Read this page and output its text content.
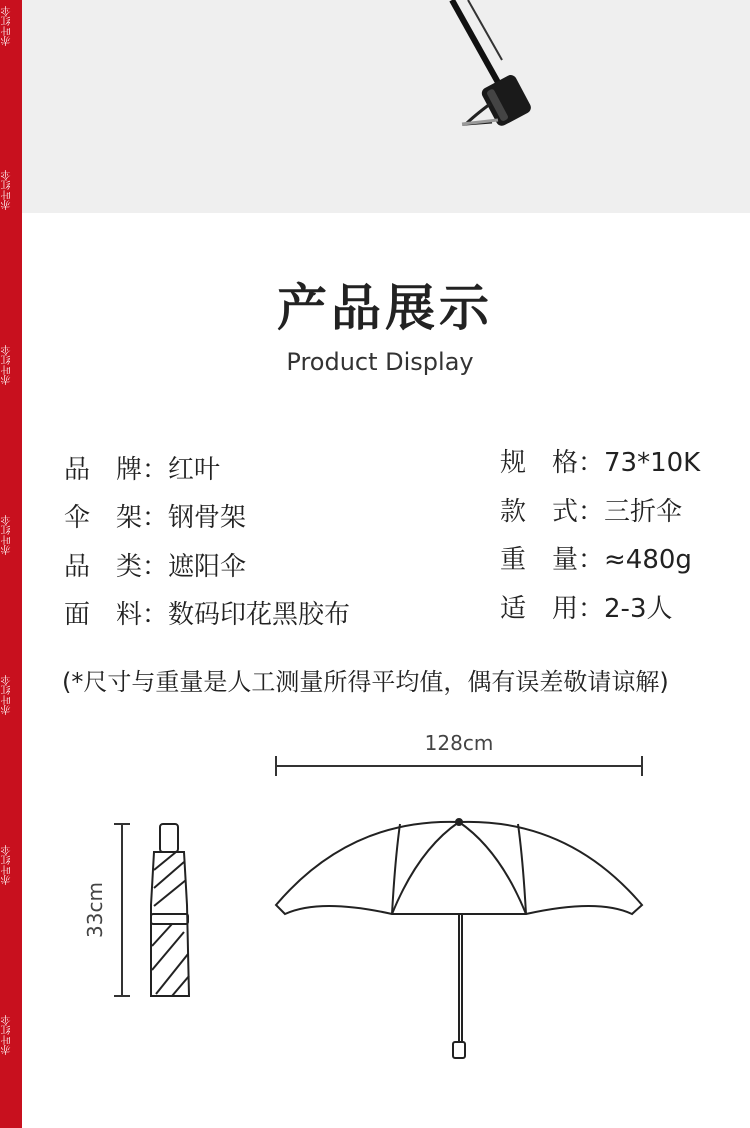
赤叶红伞
赤叶红伞
赤叶红伞
赤叶红伞
赤叶红伞
赤叶红伞
赤叶红伞
产品展示
Product Display
品　牌：红叶
伞　架：钢骨架
品　类：遮阳伞
面　料：数码印花黑胶布
规　格：73*10K
款　式：三折伞
重　量：≈480g
适　用：2-3人
(*尺寸与重量是人工测量所得平均值，偶有误差敬请谅解)
128cm
33cm
